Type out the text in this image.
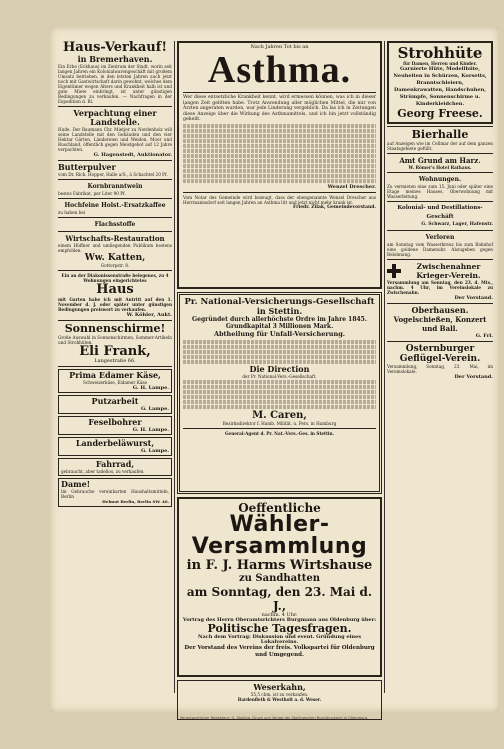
Haus-Verkauf!
in Bremerhaven.
Ein Erbe (Eckhaus) im Zentrum der Stadt, worin seit langen Jahren ein Kolonialwarengeschäft mit großem Umsatz betrieben, in den letzten Jahren auch jetzt noch mit Gastwirtschaft darin gewohnt, welches dem Eigentümer wegen Alters und Krankheit halb ist und gute Miete einbringt, ist unter günstigen Bedingungen zu verkaufen. — Nachfragen in der Expedition d. Bl.
Verpachtung einer Landstelle.
Hude. Der Baumann Chr. Mietjer zu Nordenholz will seine Landstelle mit den Gebäuden und den vier Hektar Gärten, Ländereien und Weiden, Moor und Buschland, öffentlich gegen Meistgebot auf 12 Jahre verpachten.
G. Hagenstedt, Auktionator.
Butterpulver
vom Dr. Rich. Hopper, Halle a/S., à Schachtel 20 Pf.
Kornbranntwein
bestes Fabrikat, per Liter 90 Pf.
Hochfeine Holst.-Ersatzkaffee
zu haben bei
Flachsstoffe
Wirtschafts-Restauration
einem Hüffner und umliegenden Publikum bestens empfohlen.
Ww. Katten,
Gottorpstr. 8.
Ein an der Diakonissenstraße belegenes, zu 4 Wohnungen eingerichtetes
Haus
mit Garten habe ich mit Antritt auf den 1. November d. J. oder später unter günstigen Bedingungen preiswert zu verkaufen.
W. Köhler, Aukt.
Sonnenschirme!
Große Auswahl in Sonnenschirmen, Sommer-Artikeln und Strohhüten.
Eli Frank,
Langestraße 66.
Prima Edamer Käse,
Schweizerkäse, Eidamer Käse
G. H. Lampe.
Putzarbeit
G. Lampe.
Feselbohrer
G. H. Lampe.
Landerbeläwurst,
G. Lampe.
Fahrrad,
gebraucht, aber tadellos, zu verkaufen.
Dame!
Im Gebrauche vereinbarten Haushaltsmitteln, Berlin
Helmut Berlin, Berlin SW. 46.
Nach Jahren Tot bis an
Asthma.
Wer diese entsetzliche Krankheit kennt, wird ermessen können, was ich in dieser langen Zeit gelitten habe. Trotz Anwendung aller möglichen Mittel, die mir von Ärzten angeraten wurden, war jede Linderung vergeblich. Da las ich in Zeitungen diese Anzeige über die Wirkung des Asthmamittels, und ich bin jetzt vollständig geheilt.
Wenzel Drescher.
Vom Notar des Gemeinde wird bezeugt, dass der obengenannte Wenzel Drescher aus Herrmannsdorf seit langen Jahren an Asthma litt und jetzt nicht mehr krank ist.
Friedr. Zilak, Gemeindevorstand.
Pr. National-Versicherungs-Gesellschaft
in Stettin.
Gegründet durch allerhöchste Ordre im Jahre 1845. Grundkapital 3 Millionen Mark.
Abtheilung für Unfall-Versicherung.
Die Direction
der Pr. National-Vers.-Gesellschaft.
M. Caren,
Bezirksdirektor f. Hamb. Milität. u. Pers. in Hamburg
General-Agent d. Pr. Nat.-Vers.-Ges. in Stettin.
Oeffentliche
Wähler-Versammlung
in F. J. Harms Wirtshause
zu Sandhatten
am Sonntag, den 23. Mai d. J.,
nachm. 4 Uhr.
Vortrag des Herrn Oberamtsrichters Burgmann aus Oldenburg über:
Politische Tagesfragen.
Nach dem Vortrag: Diskussion und event. Gründung eines Lokalvereins.
Der Vorstand des Vereins der freis. Volkspartei für Oldenburg und Umgegend.
Weserkahn,
55,5 cbm. ist zu verkaufen.
Bardenfleth & Westholt a. d. Weser.
Strohhüte
für Damen, Herren und Kinder.
Garnierte Hüte, Modellhüte, Neuheiten in Schürzen, Korsetts, Branntschleiern, Damenkrawatten, Handschuhen, Strümpfe, Sonnenschirme u. Kinderkleidchen.
Georg Freese.
Bierhalle
auf Anzeigen wie im Cellmar der auf dem ganzen Staatsgebiete gefüllt.
Amt Grund am Harz.
W. Römer's Hotel Rathaus.
Wohnungen.
Zu vermieten eine zum 15. Juni oder später eine Etage meines Hauses, Oberwohnung mit Wasserleitung.
Kolonial- und Destillations-Geschäft
G. Schwarz, Lager, Hafenstr.
Verloren
am Sonntag vom Wasserkreuz bis zum Bahnhof eine goldene Damenuhr. Abzugeben gegen Belohnung.
Zwischenahner Krieger-Verein.
Versammlung am Sonntag, den 23. d. Mts., nachm. 4 Uhr, im Vereinslokale zu Zwischenahn.
Der Vorstand.
Oberhausen.
Vogelschießen, Konzert und Ball.
G. Frl.
Osternburger Geflügel-Verein.
Versammlung, Sonntag, 23. Mai, im Vereinslokale.
Der Vorstand.
Verantwortlicher Redakteur: G. Stalling, Druck und Verlag der Stallingschen Buchdruckerei in Oldenburg.
